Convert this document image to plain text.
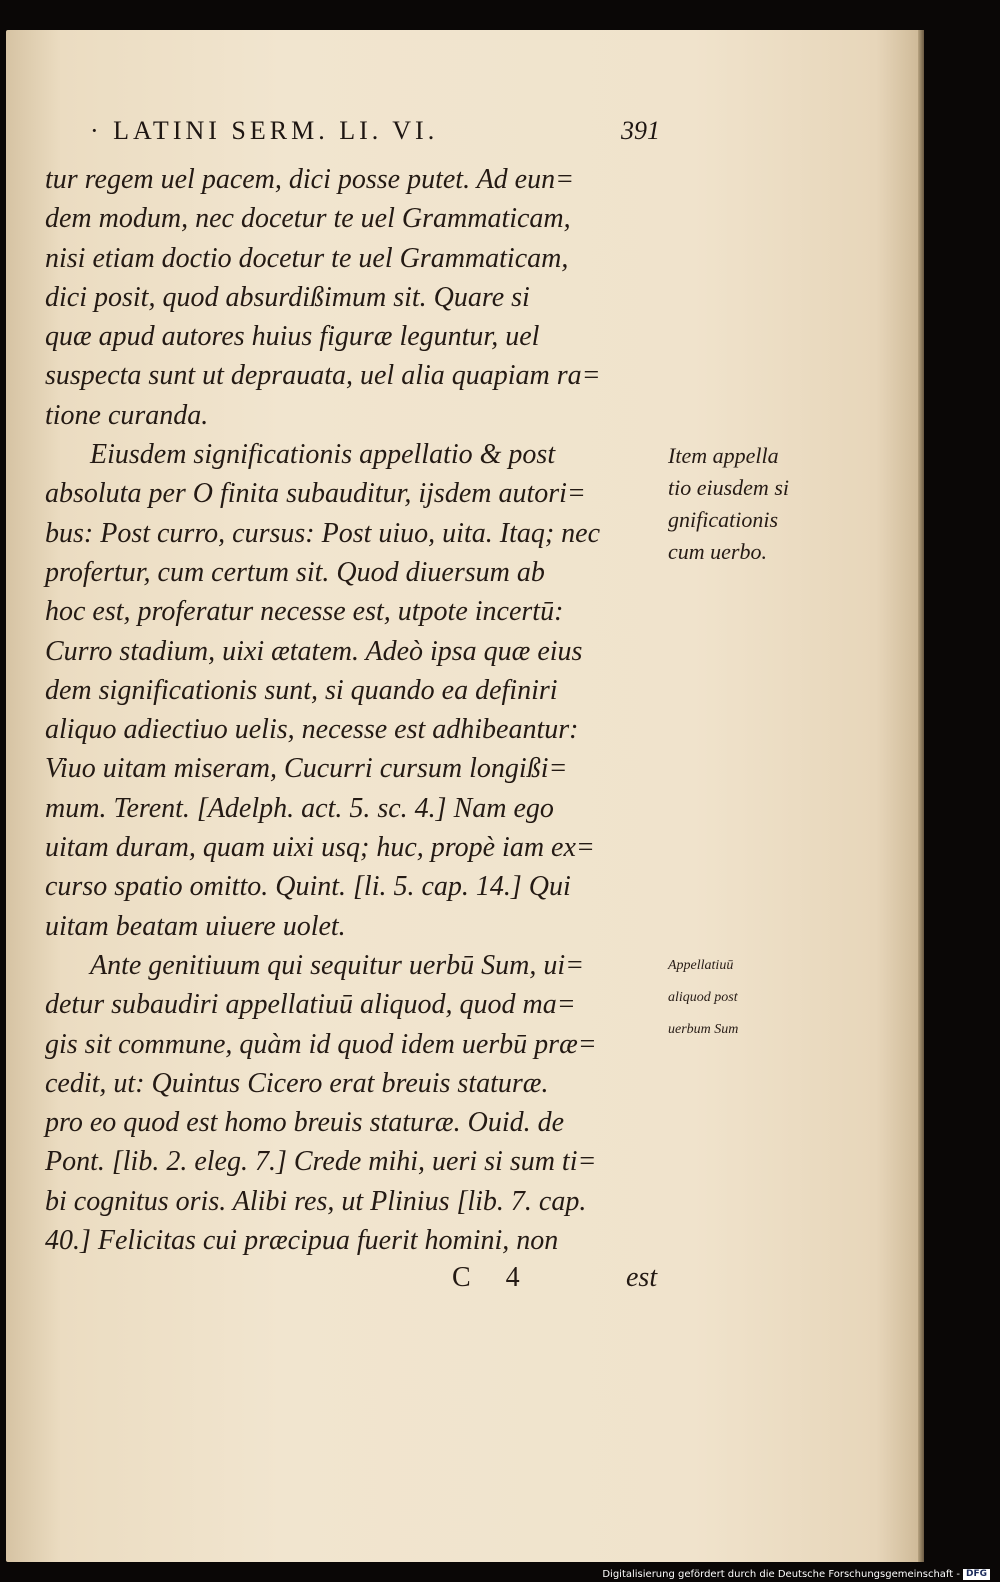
· LATINI SERM. LI. VI.	391
tur regem uel pacem, dici posse putet. Ad eun=
dem modum, nec docetur te uel Grammaticam,
nisi etiam doctio docetur te uel Grammaticam,
dici posit, quod absurdißimum sit. Quare si
quæ apud autores huius figuræ leguntur, uel
suspecta sunt ut deprauata, uel alia quapiam ra=
tione curanda.
Eiusdem significationis appellatio & post
absoluta per O finita subauditur, ijsdem autori=
bus: Post curro, cursus: Post uiuo, uita. Itaq; nec
profertur, cum certum sit. Quod diuersum ab
hoc est, proferatur necesse est, utpote incertū:
Curro stadium, uixi ætatem. Adeò ipsa quæ eius
dem significationis sunt, si quando ea definiri
aliquo adiectiuo uelis, necesse est adhibeantur:
Viuo uitam miseram, Cucurri cursum longißi=
mum. Terent. [Adelph. act. 5. sc. 4.] Nam ego
uitam duram, quam uixi usq; huc, propè iam ex=
curso spatio omitto. Quint. [li. 5. cap. 14.] Qui
uitam beatam uiuere uolet.
Ante genitiuum qui sequitur uerbū Sum, ui=
detur subaudiri appellatiuū aliquod, quod ma=
gis sit commune, quàm id quod idem uerbū præ=
cedit, ut: Quintus Cicero erat breuis staturæ.
pro eo quod est homo breuis staturæ. Ouid. de
Pont. [lib. 2. eleg. 7.] Crede mihi, ueri si sum ti=
bi cognitus oris. Alibi res, ut Plinius [lib. 7. cap.
40.] Felicitas cui præcipua fuerit homini, non
Item appella
tio eiusdem si
gnificationis
cum uerbo.
Appellatiuū
aliquod post
uerbum Sum
C 4	est
Digitalisierung gefördert durch die Deutsche Forschungsgemeinschaft - DFG
